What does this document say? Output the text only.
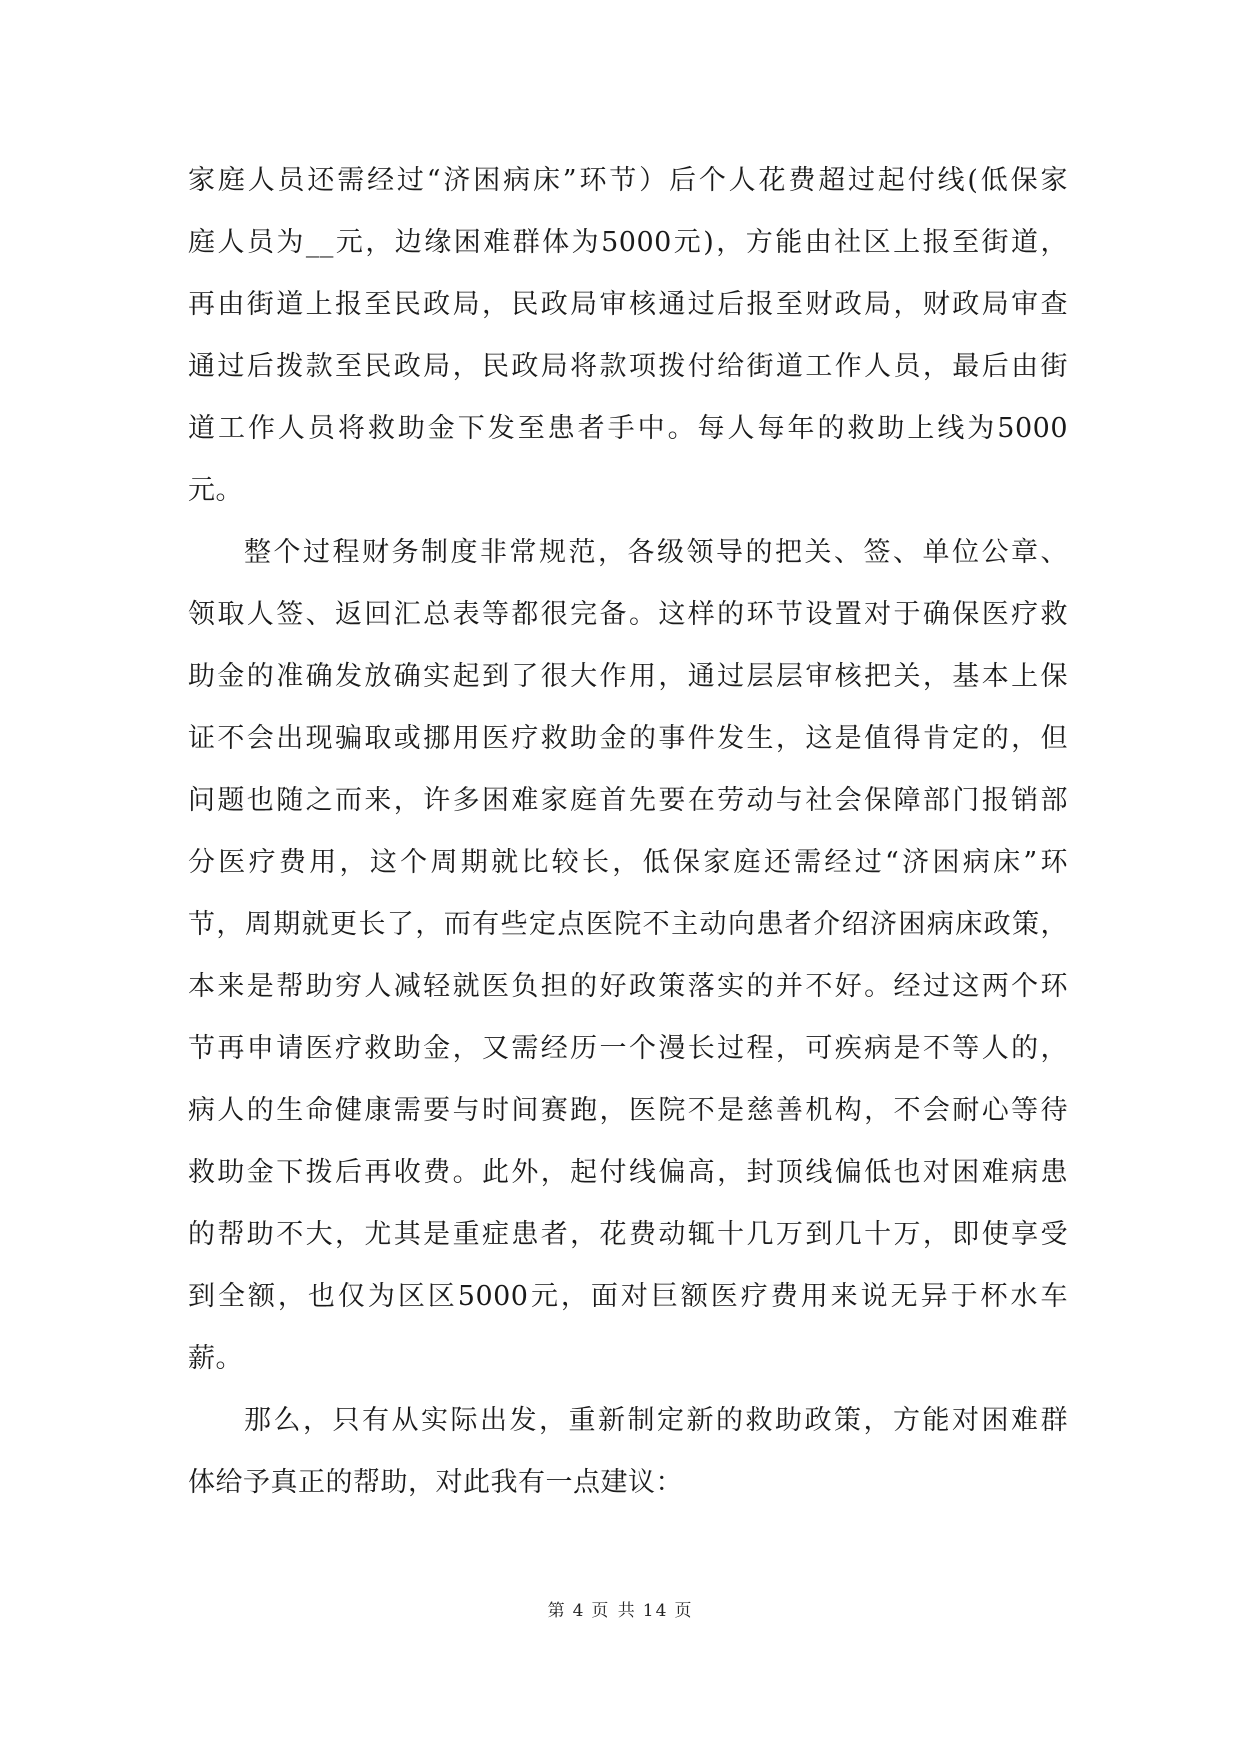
家庭人员还需经过“济困病床”环节）后个人花费超过起付线(低保家
庭人员为__元，边缘困难群体为5000元)，方能由社区上报至街道，
再由街道上报至民政局，民政局审核通过后报至财政局，财政局审查
通过后拨款至民政局，民政局将款项拨付给街道工作人员，最后由街
道工作人员将救助金下发至患者手中。每人每年的救助上线为5000
元。
整个过程财务制度非常规范，各级领导的把关、签、单位公章、
领取人签、返回汇总表等都很完备。这样的环节设置对于确保医疗救
助金的准确发放确实起到了很大作用，通过层层审核把关，基本上保
证不会出现骗取或挪用医疗救助金的事件发生，这是值得肯定的，但
问题也随之而来，许多困难家庭首先要在劳动与社会保障部门报销部
分医疗费用，这个周期就比较长，低保家庭还需经过“济困病床”环
节，周期就更长了，而有些定点医院不主动向患者介绍济困病床政策，
本来是帮助穷人减轻就医负担的好政策落实的并不好。经过这两个环
节再申请医疗救助金，又需经历一个漫长过程，可疾病是不等人的，
病人的生命健康需要与时间赛跑，医院不是慈善机构，不会耐心等待
救助金下拨后再收费。此外，起付线偏高，封顶线偏低也对困难病患
的帮助不大，尤其是重症患者，花费动辄十几万到几十万，即使享受
到全额，也仅为区区5000元，面对巨额医疗费用来说无异于杯水车
薪。
那么，只有从实际出发，重新制定新的救助政策，方能对困难群
体给予真正的帮助，对此我有一点建议：
第 4 页 共 14 页
